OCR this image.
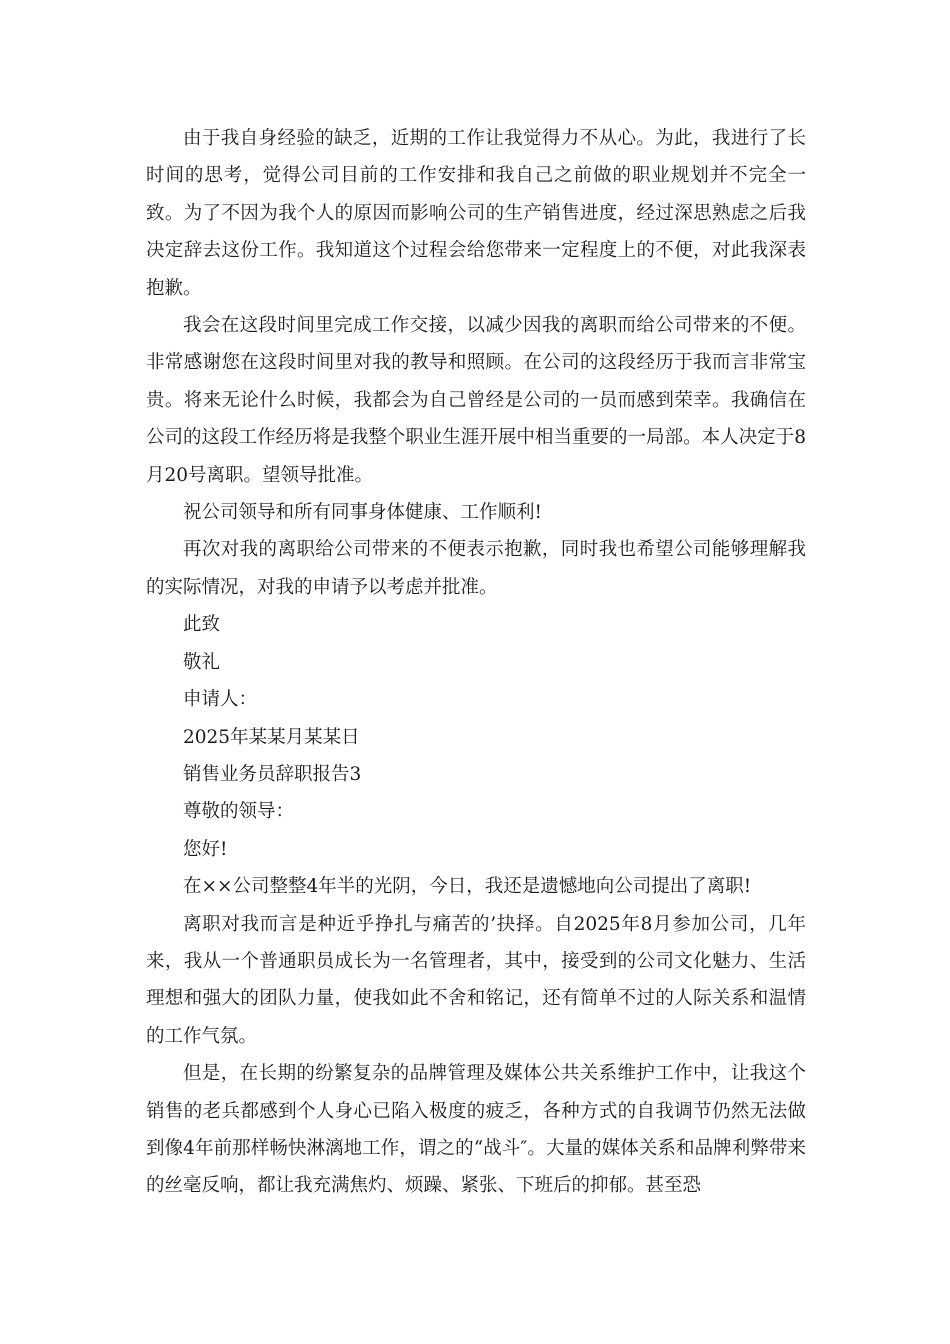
由于我自身经验的缺乏，近期的工作让我觉得力不从心。为此，我进行了长时间的思考，觉得公司目前的工作安排和我自己之前做的职业规划并不完全一致。为了不因为我个人的原因而影响公司的生产销售进度，经过深思熟虑之后我决定辞去这份工作。我知道这个过程会给您带来一定程度上的不便，对此我深表抱歉。

我会在这段时间里完成工作交接，以减少因我的离职而给公司带来的不便。非常感谢您在这段时间里对我的教导和照顾。在公司的这段经历于我而言非常宝贵。将来无论什么时候，我都会为自己曾经是公司的一员而感到荣幸。我确信在公司的这段工作经历将是我整个职业生涯开展中相当重要的一局部。本人决定于8月20号离职。望领导批准。

祝公司领导和所有同事身体健康、工作顺利!

再次对我的离职给公司带来的不便表示抱歉，同时我也希望公司能够理解我的实际情况，对我的申请予以考虑并批准。

此致

敬礼

申请人：

2025年某某月某某日

销售业务员辞职报告3

尊敬的领导：

您好!

在××公司整整4年半的光阴，今日，我还是遗憾地向公司提出了离职!

离职对我而言是种近乎挣扎与痛苦的’抉择。自2025年8月参加公司，几年来，我从一个普通职员成长为一名管理者，其中，接受到的公司文化魅力、生活理想和强大的团队力量，使我如此不舍和铭记，还有简单不过的人际关系和温情的工作气氛。

但是，在长期的纷繁复杂的品牌管理及媒体公共关系维护工作中，让我这个销售的老兵都感到个人身心已陷入极度的疲乏，各种方式的自我调节仍然无法做到像4年前那样畅快淋漓地工作，谓之的“战斗″。大量的媒体关系和品牌利弊带来的丝毫反响，都让我充满焦灼、烦躁、紧张、下班后的抑郁。甚至恐
